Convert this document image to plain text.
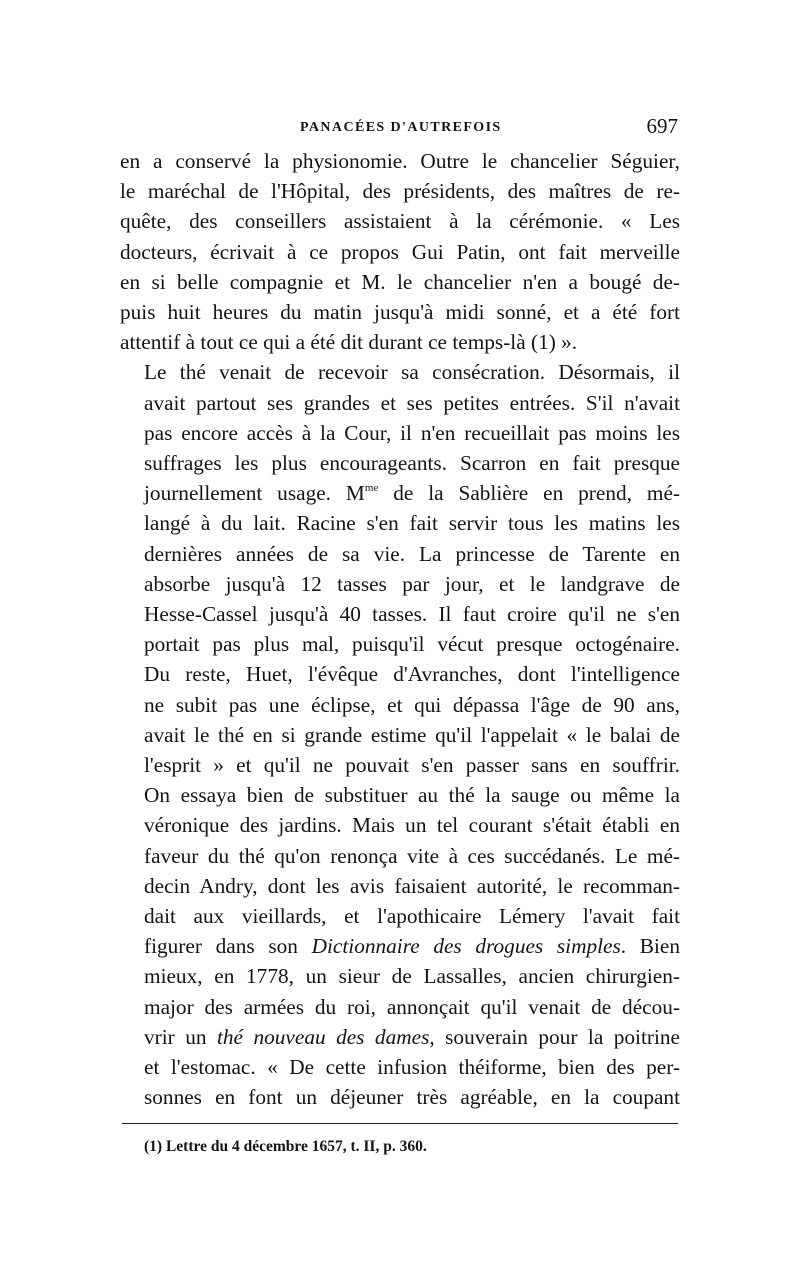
PANACÉES D'AUTREFOIS	697

en a conservé la physionomie. Outre le chancelier Séguier,
le maréchal de l'Hôpital, des présidents, des maîtres de re-
quête, des conseillers assistaient à la cérémonie. « Les
docteurs, écrivait à ce propos Gui Patin, ont fait merveille
en si belle compagnie et M. le chancelier n'en a bougé de-
puis huit heures du matin jusqu'à midi sonné, et a été fort
attentif à tout ce qui a été dit durant ce temps-là (1) ».

Le thé venait de recevoir sa consécration. Désormais, il
avait partout ses grandes et ses petites entrées. S'il n'avait
pas encore accès à la Cour, il n'en recueillait pas moins les
suffrages les plus encourageants. Scarron en fait presque
journellement usage. $M^{me}$ de la Sablière en prend, mé-
langé à du lait. Racine s'en fait servir tous les matins les
dernières années de sa vie. La princesse de Tarente en
absorbe jusqu'à 12 tasses par jour, et le landgrave de
Hesse-Cassel jusqu'à 40 tasses. Il faut croire qu'il ne s'en
portait pas plus mal, puisqu'il vécut presque octogénaire.
Du reste, Huet, l'évêque d'Avranches, dont l'intelligence
ne subit pas une éclipse, et qui dépassa l'âge de 90 ans,
avait le thé en si grande estime qu'il l'appelait « le balai de
l'esprit » et qu'il ne pouvait s'en passer sans en souffrir.
On essaya bien de substituer au thé la sauge ou même la
véronique des jardins. Mais un tel courant s'était établi en
faveur du thé qu'on renonça vite à ces succédanés. Le mé-
decin Andry, dont les avis faisaient autorité, le recomman-
dait aux vieillards, et l'apothicaire Lémery l'avait fait
figurer dans son Dictionnaire des drogues simples. Bien
mieux, en 1778, un sieur de Lassalles, ancien chirurgien-
major des armées du roi, annonçait qu'il venait de décou-
vrir un thé nouveau des dames, souverain pour la poitrine
et l'estomac. « De cette infusion théiforme, bien des per-
sonnes en font un déjeuner très agréable, en la coupant

(1) Lettre du 4 décembre 1657, t. II, p. 360.
